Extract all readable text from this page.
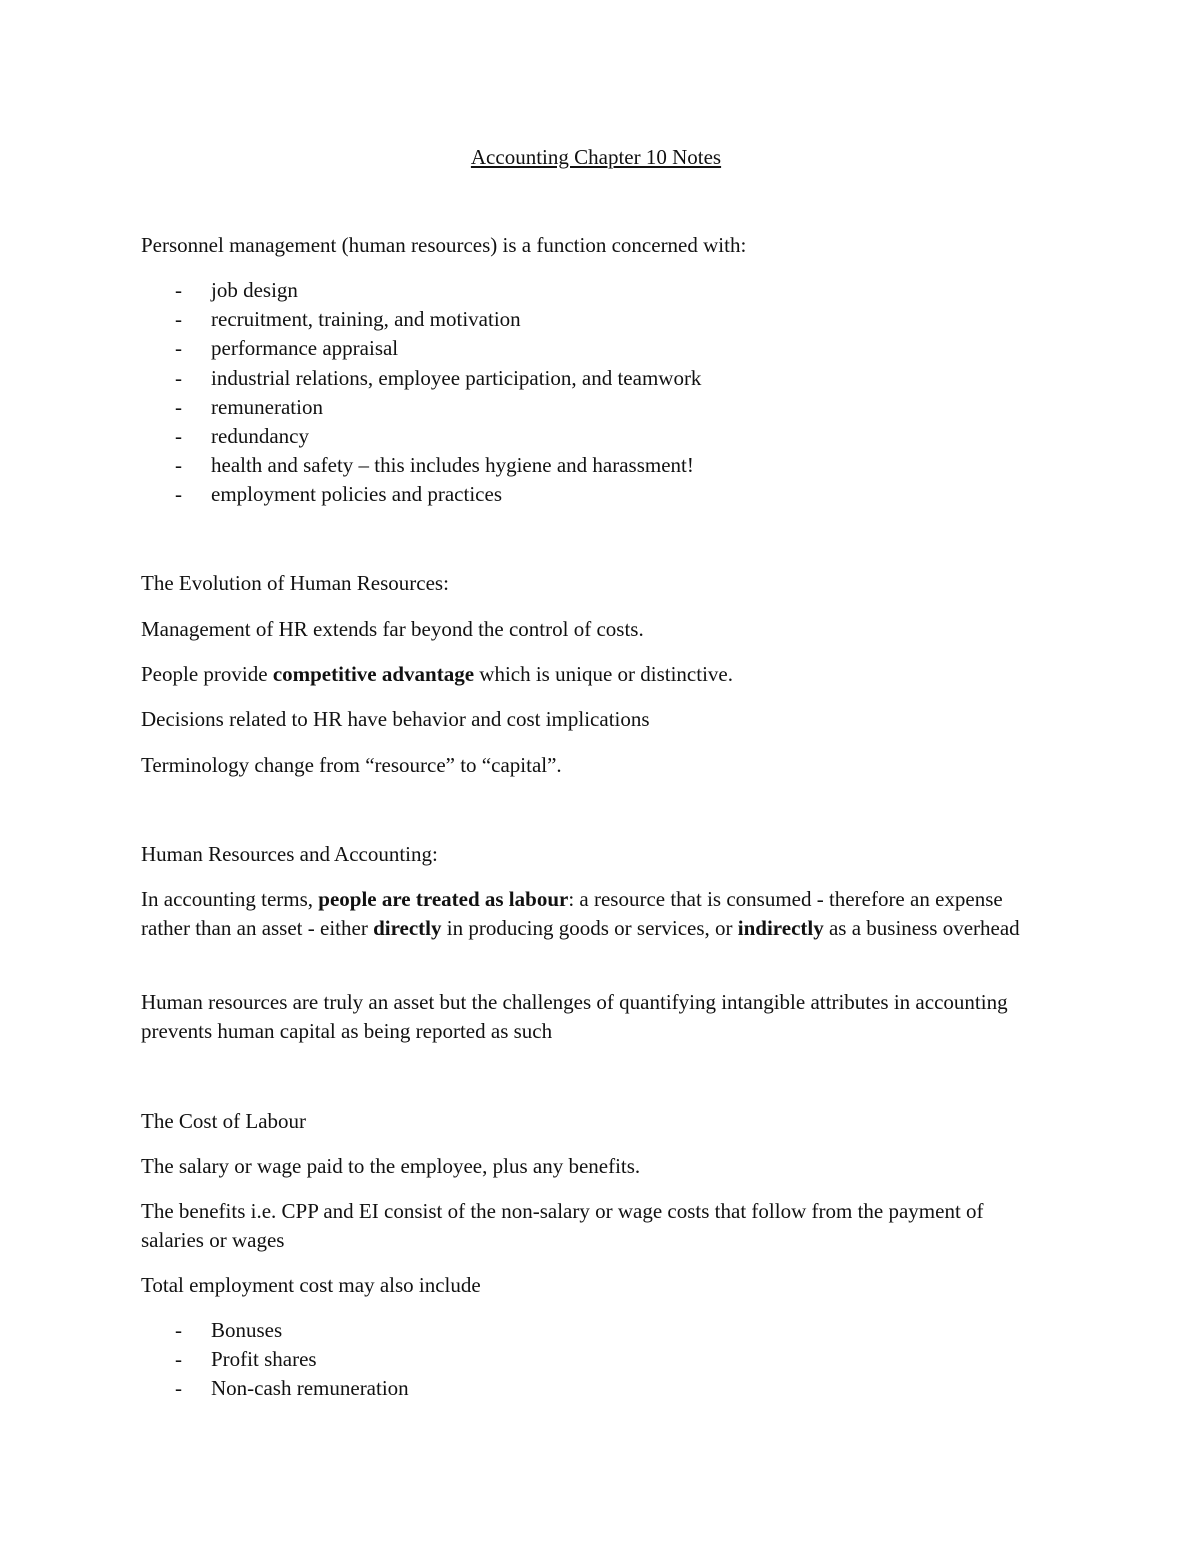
Accounting Chapter 10 Notes

Personnel management (human resources) is a function concerned with:

- job design
- recruitment, training, and motivation
- performance appraisal
- industrial relations, employee participation, and teamwork
- remuneration
- redundancy
- health and safety – this includes hygiene and harassment!
- employment policies and practices

The Evolution of Human Resources:

Management of HR extends far beyond the control of costs.

People provide competitive advantage which is unique or distinctive.

Decisions related to HR have behavior and cost implications

Terminology change from “resource” to “capital”.

Human Resources and Accounting:

In accounting terms, people are treated as labour: a resource that is consumed - therefore an expense rather than an asset - either directly in producing goods or services, or indirectly as a business overhead

Human resources are truly an asset but the challenges of quantifying intangible attributes in accounting prevents human capital as being reported as such

The Cost of Labour

The salary or wage paid to the employee, plus any benefits.

The benefits i.e. CPP and EI consist of the non-salary or wage costs that follow from the payment of salaries or wages

Total employment cost may also include

- Bonuses
- Profit shares
- Non-cash remuneration
